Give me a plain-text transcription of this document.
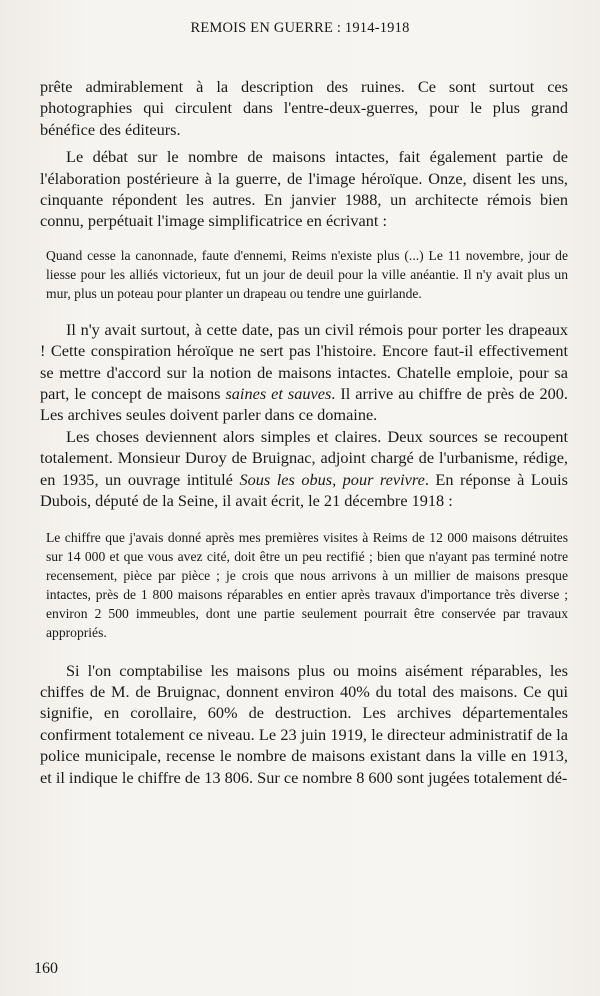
REMOIS EN GUERRE : 1914-1918

prête admirablement à la description des ruines. Ce sont surtout ces photographies qui circulent dans l'entre-deux-guerres, pour le plus grand bénéfice des éditeurs.

Le débat sur le nombre de maisons intactes, fait également partie de l'élaboration postérieure à la guerre, de l'image héroïque. Onze, disent les uns, cinquante répondent les autres. En janvier 1988, un architecte rémois bien connu, perpétuait l'image simplificatrice en écrivant :

Quand cesse la canonnade, faute d'ennemi, Reims n'existe plus (...) Le 11 novembre, jour de liesse pour les alliés victorieux, fut un jour de deuil pour la ville anéantie. Il n'y avait plus un mur, plus un poteau pour planter un drapeau ou tendre une guirlande.

Il n'y avait surtout, à cette date, pas un civil rémois pour porter les drapeaux ! Cette conspiration héroïque ne sert pas l'histoire. Encore faut-il effectivement se mettre d'accord sur la notion de maisons intactes. Chatelle emploie, pour sa part, le concept de maisons saines et sauves. Il arrive au chiffre de près de 200. Les archives seules doivent parler dans ce domaine.

Les choses deviennent alors simples et claires. Deux sources se recoupent totalement. Monsieur Duroy de Bruignac, adjoint chargé de l'urbanisme, rédige, en 1935, un ouvrage intitulé Sous les obus, pour revivre. En réponse à Louis Dubois, député de la Seine, il avait écrit, le 21 décembre 1918 :

Le chiffre que j'avais donné après mes premières visites à Reims de 12 000 maisons détruites sur 14 000 et que vous avez cité, doit être un peu rectifié ; bien que n'ayant pas terminé notre recensement, pièce par pièce ; je crois que nous arrivons à un millier de maisons presque intactes, près de 1 800 maisons réparables en entier après travaux d'importance très diverse ; environ 2 500 immeubles, dont une partie seulement pourrait être conservée par travaux appropriés.

Si l'on comptabilise les maisons plus ou moins aisément réparables, les chiffes de M. de Bruignac, donnent environ 40% du total des maisons. Ce qui signifie, en corollaire, 60% de destruction. Les archives départementales confirment totalement ce niveau. Le 23 juin 1919, le directeur administratif de la police municipale, recense le nombre de maisons existant dans la ville en 1913, et il indique le chiffre de 13 806. Sur ce nombre 8 600 sont jugées totalement dé-

160
